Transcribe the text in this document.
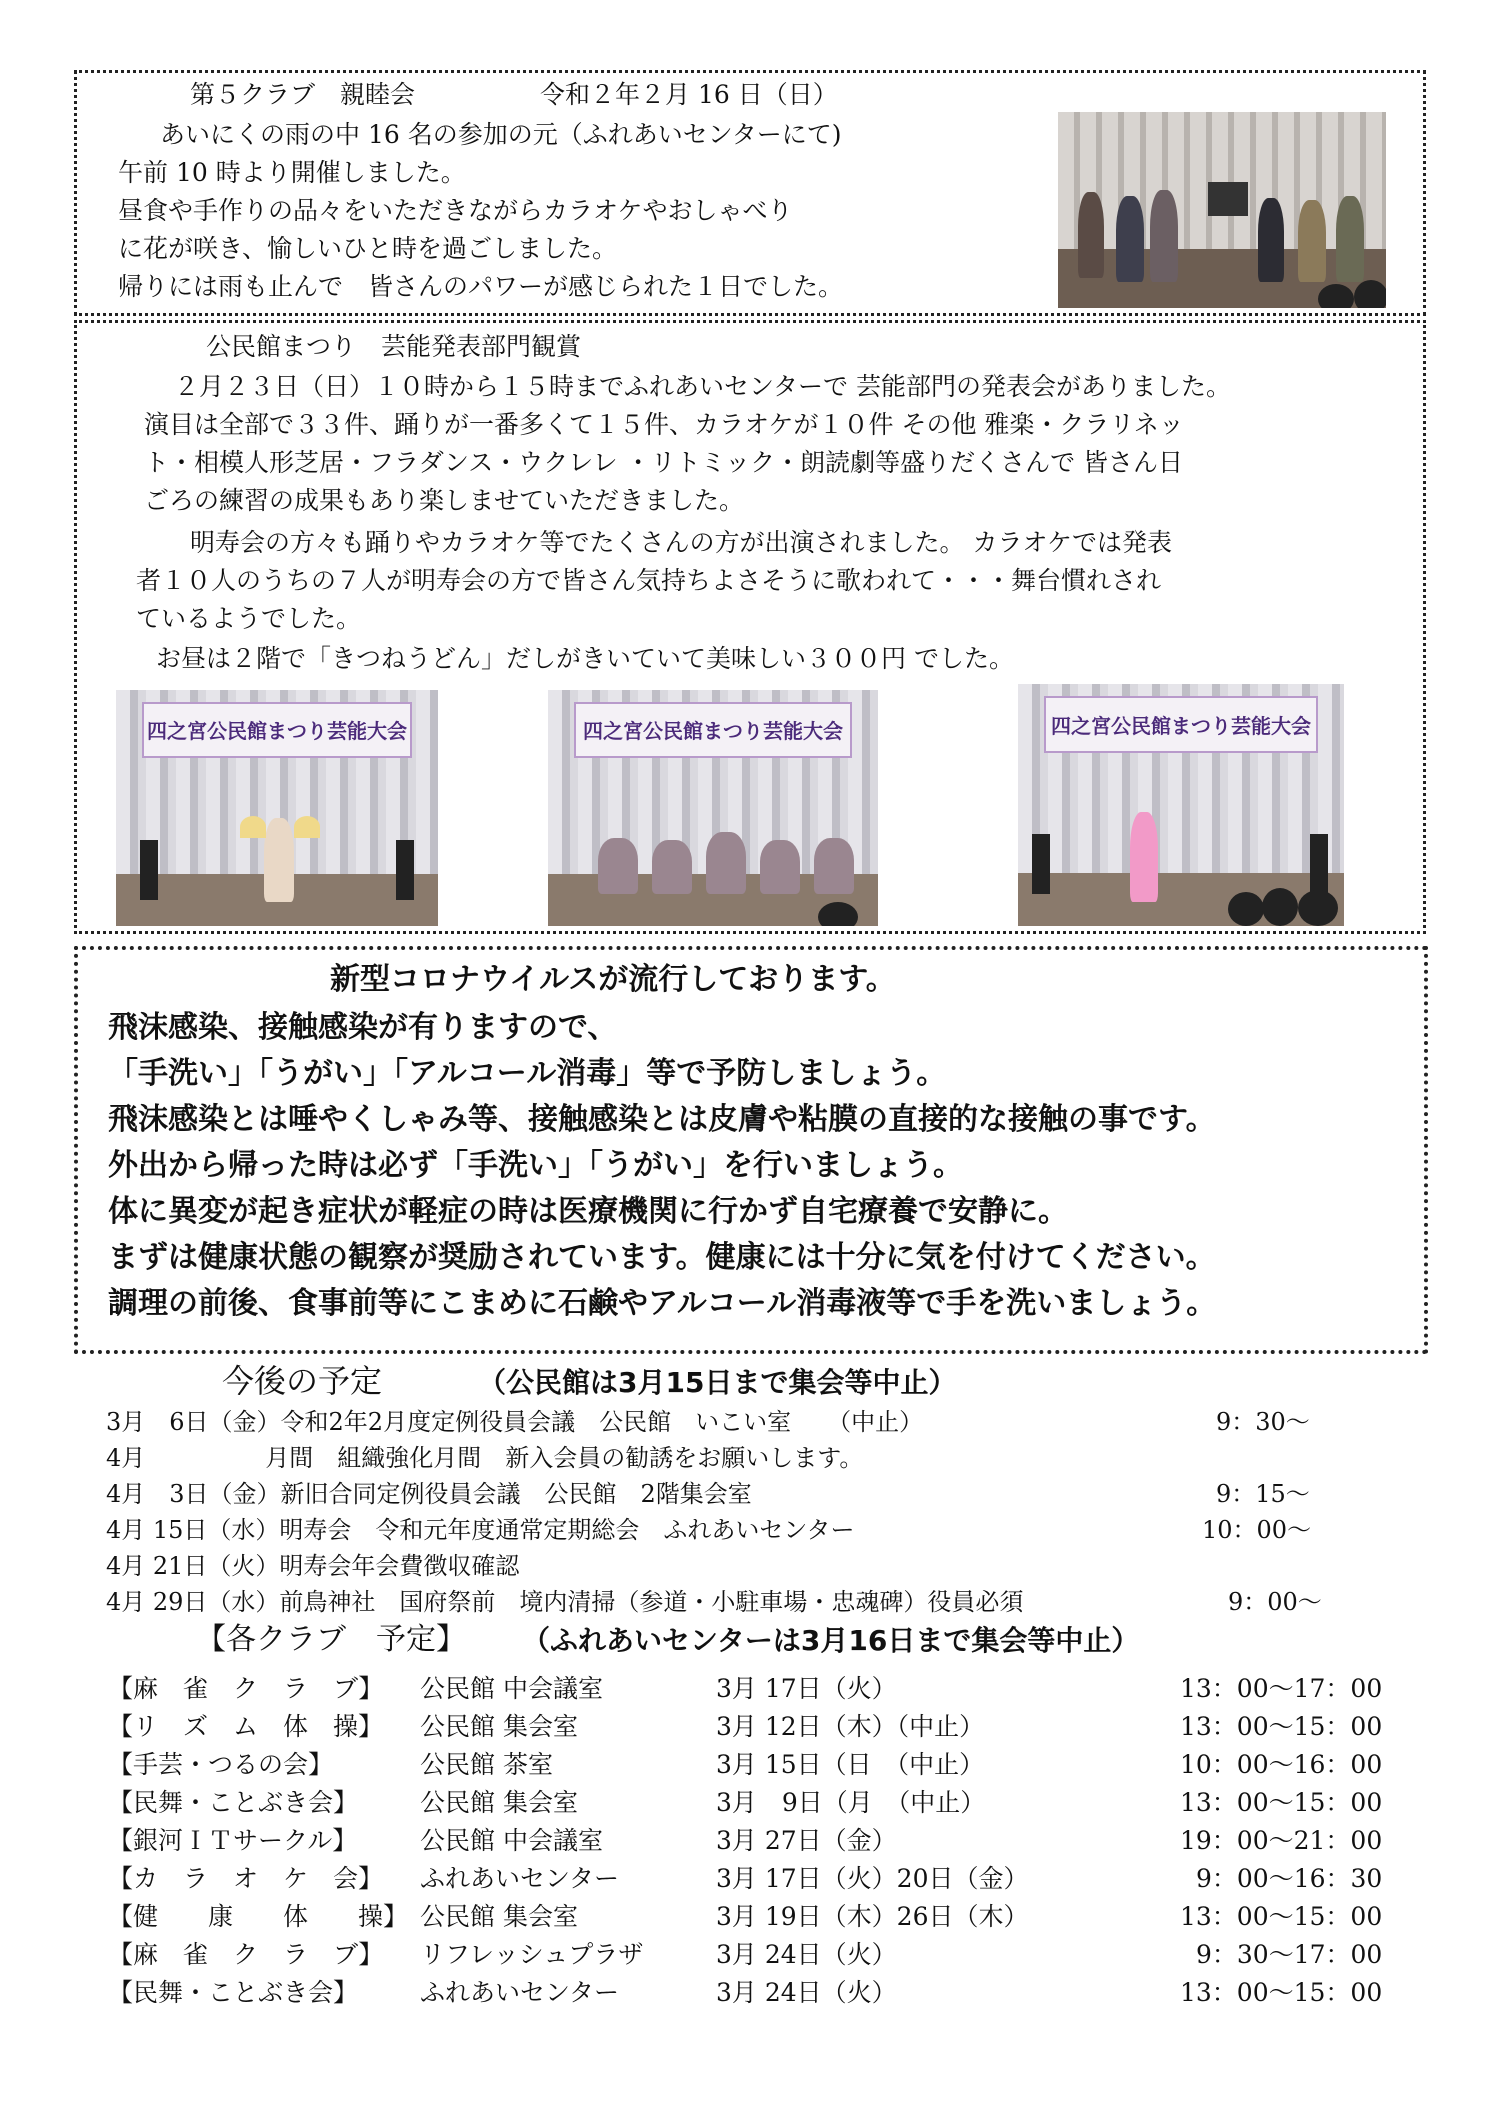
第５クラブ　親睦会　　　　　令和２年２月 16 日（日）
あいにくの雨の中 16 名の参加の元（ふれあいセンターにて)
午前 10 時より開催しました。
昼食や手作りの品々をいただきながらカラオケやおしゃべり
に花が咲き、愉しいひと時を過ごしました。
帰りには雨も止んで　皆さんのパワーが感じられた１日でした。
公民館まつり　芸能発表部門観賞
２月２３日（日）１０時から１５時までふれあいセンターで 芸能部門の発表会がありました。
演目は全部で３３件、踊りが一番多くて１５件、カラオケが１０件 その他 雅楽・クラリネッ
ト・相模人形芝居・フラダンス・ウクレレ ・リトミック・朗読劇等盛りだくさんで 皆さん日
ごろの練習の成果もあり楽しませていただきました。
明寿会の方々も踊りやカラオケ等でたくさんの方が出演されました。 カラオケでは発表
者１０人のうちの７人が明寿会の方で皆さん気持ちよさそうに歌われて・・・舞台慣れされ
ているようでした。
お昼は２階で「きつねうどん」だしがきいていて美味しい３００円 でした。
四之宮公民館まつり芸能大会	四之宮公民館まつり芸能大会	四之宮公民館まつり芸能大会
新型コロナウイルスが流行しております。
飛沫感染、接触感染が有りますので、
「手洗い」「うがい」「アルコール消毒」等で予防しましょう。
飛沫感染とは唾やくしゃみ等、接触感染とは皮膚や粘膜の直接的な接触の事です。
外出から帰った時は必ず「手洗い」「うがい」を行いましょう。
体に異変が起き症状が軽症の時は医療機関に行かず自宅療養で安静に。
まずは健康状態の観察が奨励されています。健康には十分に気を付けてください。
調理の前後、食事前等にこまめに石鹸やアルコール消毒液等で手を洗いましょう。
今後の予定	（公民館は3月15日まで集会等中止）
3月　6日（金）令和2年2月度定例役員会議　公民館　いこい室　　（中止）	9：30～
4月　　　　　月間　組織強化月間　新入会員の勧誘をお願いします。
4月　3日（金）新旧合同定例役員会議　公民館　2階集会室	9：15～
4月 15日（水）明寿会　令和元年度通常定期総会　ふれあいセンター	10：00～
4月 21日（火）明寿会年会費徴収確認
4月 29日（水）前鳥神社　国府祭前　境内清掃（参道・小駐車場・忠魂碑）役員必須	9：00～
【各クラブ　予定】 （ふれあいセンターは3月16日まで集会等中止）
【麻　雀　ク　ラ　ブ】 公民館 中会議室	3月 17日（火）	13：00～17：00
【リ　ズ　ム　体　操】 公民館 集会室	3月 12日（木）（中止）	13：00～15：00
【手芸・つるの会】	公民館 茶室	3月 15日（日　（中止）	10：00～16：00
【民舞・ことぶき会】 公民館 集会室	3月　9日（月　（中止）	13：00～15：00
【銀河ＩＴサークル】	公民館 中会議室	3月 27日（金）	19：00～21：00
【カ　ラ　オ　ケ　会】 ふれあいセンター	3月 17日（火）20日（金）	9：00～16：30
【健　　康　　体　　操】 公民館 集会室	3月 19日（木）26日（木）	13：00～15：00
【麻　雀　ク　ラ　ブ】 リフレッシュプラザ	3月 24日（火）	9：30～17：00
【民舞・ことぶき会】 ふれあいセンター	3月 24日（火）	13：00～15：00
